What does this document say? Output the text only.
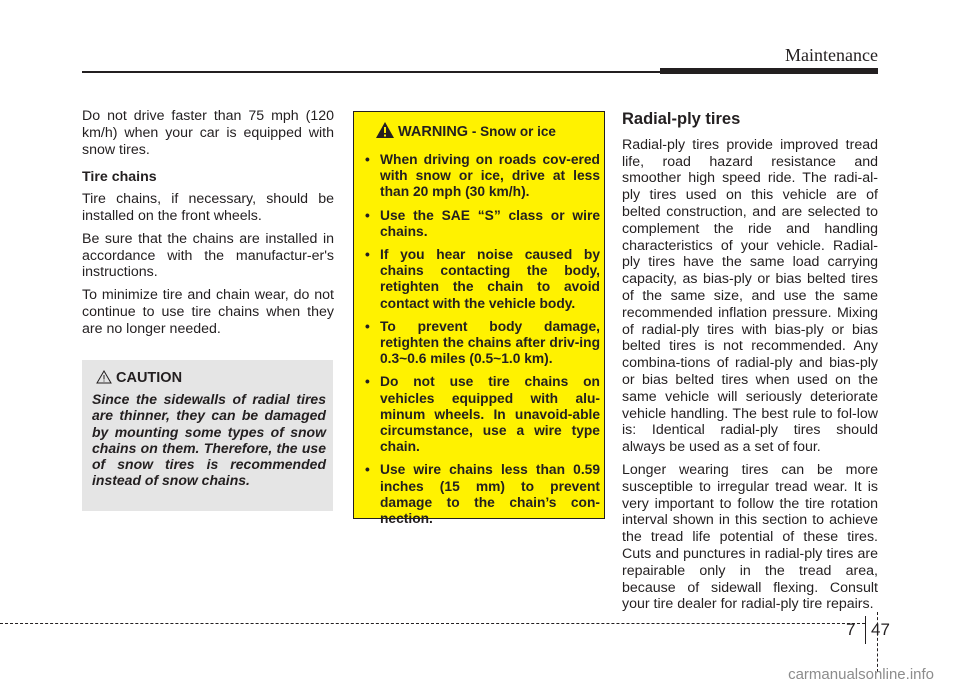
Maintenance

Do not drive faster than 75 mph (120 km/h) when your car is equipped with snow tires.

Tire chains

Tire chains, if necessary, should be installed on the front wheels.

Be sure that the chains are installed in accordance with the manufactur-er's instructions.

To minimize tire and chain wear, do not continue to use tire chains when they are no longer needed.

CAUTION
Since the sidewalls of radial tires are thinner, they can be damaged by mounting some types of snow chains on them. Therefore, the use of snow tires is recommended instead of snow chains.
WARNING - Snow or ice
• When driving on roads cov-ered with snow or ice, drive at less than 20 mph (30 km/h).
• Use the SAE “S” class or wire chains.
• If you hear noise caused by chains contacting the body, retighten the chain to avoid contact with the vehicle body.
• To prevent body damage, retighten the chains after driv-ing 0.3~0.6 miles (0.5~1.0 km).
• Do not use tire chains on vehicles equipped with alu-minum wheels. In unavoid-able circumstance, use a wire type chain.
• Use wire chains less than 0.59 inches (15 mm) to prevent damage to the chain’s con-nection.
Radial-ply tires

Radial-ply tires provide improved tread life, road hazard resistance and smoother high speed ride. The radi-al-ply tires used on this vehicle are of belted construction, and are selected to complement the ride and handling characteristics of your vehicle. Radial-ply tires have the same load carrying capacity, as bias-ply or bias belted tires of the same size, and use the same recommended inflation pressure. Mixing of radial-ply tires with bias-ply or bias belted tires is not recommended. Any combina-tions of radial-ply and bias-ply or bias belted tires when used on the same vehicle will seriously deteriorate vehicle handling. The best rule to fol-low is: Identical radial-ply tires should always be used as a set of four.

Longer wearing tires can be more susceptible to irregular tread wear. It is very important to follow the tire rotation interval shown in this section to achieve the tread life potential of these tires. Cuts and punctures in radial-ply tires are repairable only in the tread area, because of sidewall flexing. Consult your tire dealer for radial-ply tire repairs.

7 47
carmanualsonline.info
